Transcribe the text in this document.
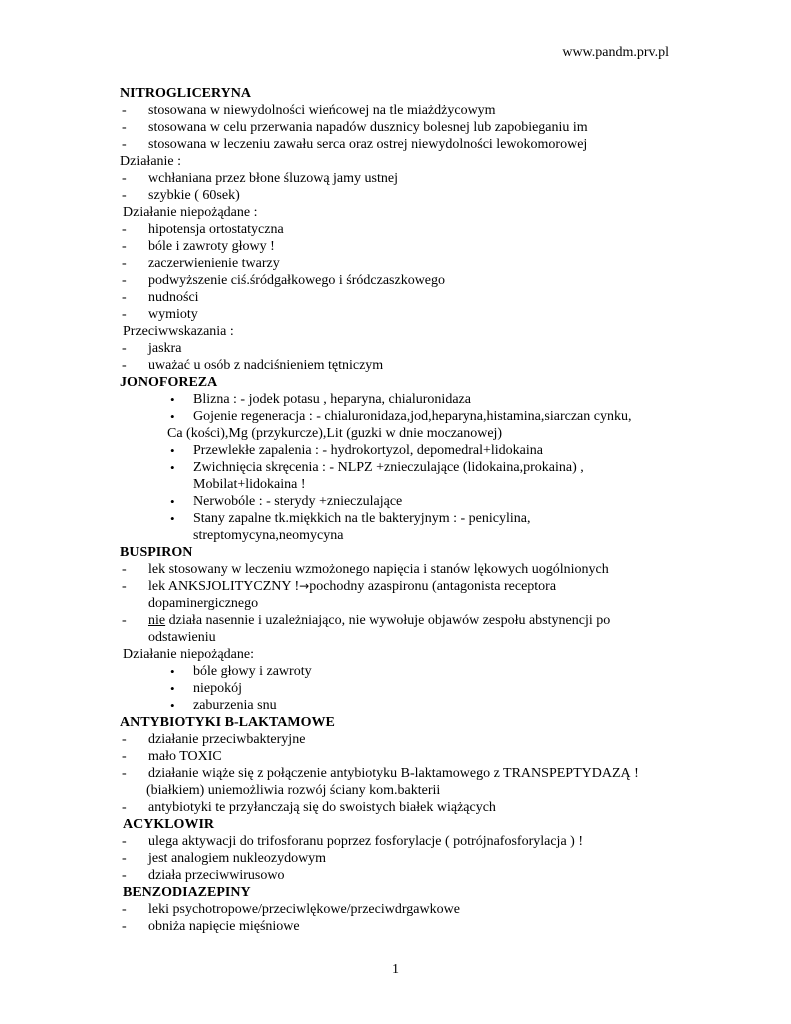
www.pandm.prv.pl
NITROGLICERYNA
-	stosowana w niewydolności wieńcowej na tle miażdżycowym
-	stosowana w celu przerwania napadów dusznicy bolesnej lub zapobieganiu im
-	stosowana w leczeniu zawału serca oraz ostrej niewydolności lewokomorowej
Działanie :
-	wchłaniana przez błone śluzową jamy ustnej
-	szybkie ( 60sek)
Działanie niepożądane :
-	hipotensja ortostatyczna
-	bóle i zawroty głowy !
-	zaczerwienienie twarzy
-	podwyższenie ciś.śródgałkowego i śródczaszkowego
-	nudności
-	wymioty
Przeciwwskazania :
-	jaskra
-	uważać u osób z nadciśnieniem tętniczym
JONOFOREZA
•	Blizna : - jodek potasu , heparyna, chialuronidaza
•	Gojenie regeneracja : - chialuronidaza,jod,heparyna,histamina,siarczan cynku,
Ca (kości),Mg (przykurcze),Lit (guzki w dnie moczanowej)
•	Przewlekłe zapalenia : - hydrokortyzol, depomedral+lidokaina
•	Zwichnięcia skręcenia : - NLPZ +znieczulające (lidokaina,prokaina) ,
Mobilat+lidokaina !
•	Nerwobóle : - sterydy +znieczulające
•	Stany zapalne tk.miękkich na tle bakteryjnym : - penicylina,
streptomycyna,neomycyna
BUSPIRON
-	lek stosowany w leczeniu wzmożonego napięcia i stanów lękowych uogólnionych
-	lek ANKSJOLITYCZNY !→pochodny azaspironu (antagonista receptora
dopaminergicznego
-	nie działa nasennie i uzależniająco, nie wywołuje objawów zespołu abstynencji po
odstawieniu
Działanie niepożądane:
•	bóle głowy i zawroty
•	niepokój
•	zaburzenia snu
ANTYBIOTYKI B-LAKTAMOWE
-	działanie przeciwbakteryjne
-	mało TOXIC
-	działanie wiąże się z połączenie antybiotyku B-laktamowego z TRANSPEPTYDAZĄ !
(białkiem) uniemożliwia rozwój ściany kom.bakterii
-	antybiotyki te przyłanczają się do swoistych białek wiążących
ACYKLOWIR
-	ulega aktywacji do trifosforanu poprzez fosforylacje ( potrójnafosforylacja ) !
-	jest analogiem nukleozydowym
-	działa przeciwwirusowo
BENZODIAZEPINY
-	leki psychotropowe/przeciwlękowe/przeciwdrgawkowe
-	obniża napięcie mięśniowe
1
